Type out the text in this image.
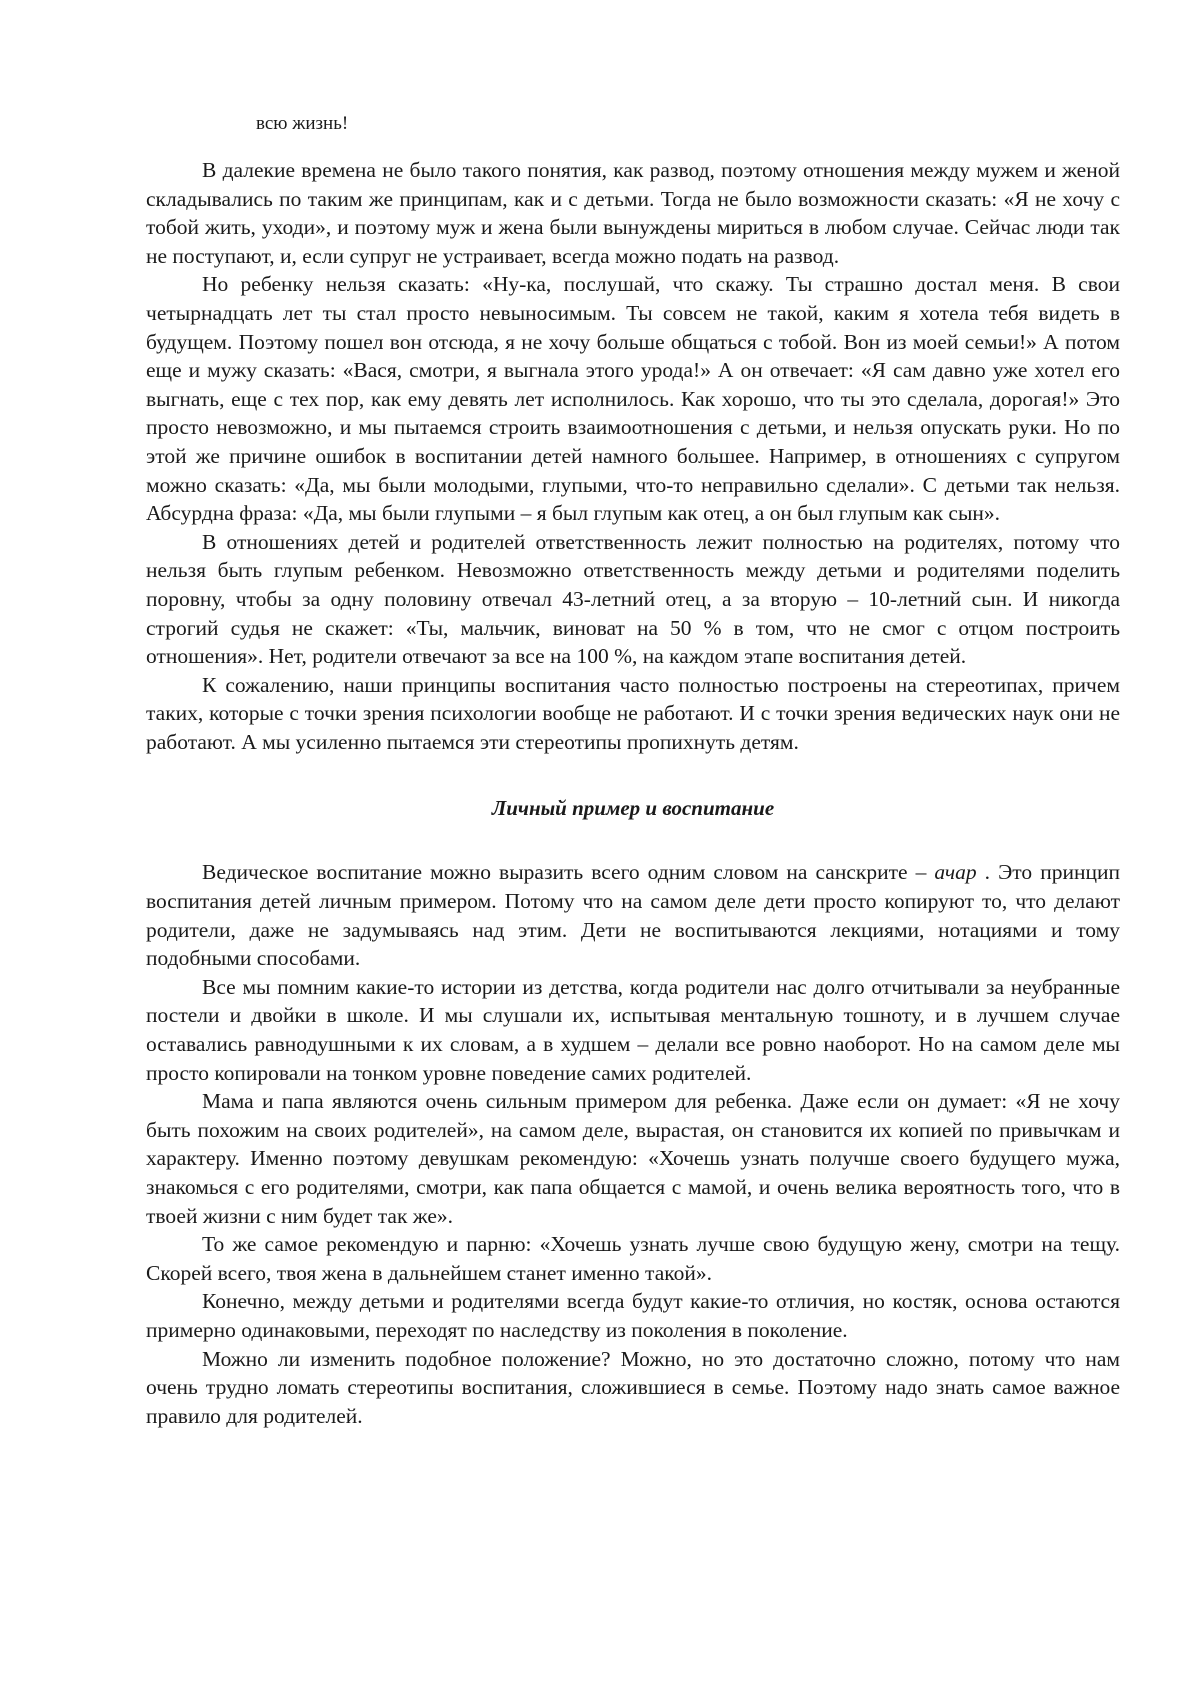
всю жизнь!

В далекие времена не было такого понятия, как развод, поэтому отношения между мужем и женой складывались по таким же принципам, как и с детьми. Тогда не было возможности сказать: «Я не хочу с тобой жить, уходи», и поэтому муж и жена были вынуждены мириться в любом случае. Сейчас люди так не поступают, и, если супруг не устраивает, всегда можно подать на развод.

Но ребенку нельзя сказать: «Ну-ка, послушай, что скажу. Ты страшно достал меня. В свои четырнадцать лет ты стал просто невыносимым. Ты совсем не такой, каким я хотела тебя видеть в будущем. Поэтому пошел вон отсюда, я не хочу больше общаться с тобой. Вон из моей семьи!» А потом еще и мужу сказать: «Вася, смотри, я выгнала этого урода!» А он отвечает: «Я сам давно уже хотел его выгнать, еще с тех пор, как ему девять лет исполнилось. Как хорошо, что ты это сделала, дорогая!» Это просто невозможно, и мы пытаемся строить взаимоотношения с детьми, и нельзя опускать руки. Но по этой же причине ошибок в воспитании детей намного большее. Например, в отношениях с супругом можно сказать: «Да, мы были молодыми, глупыми, что-то неправильно сделали». С детьми так нельзя. Абсурдна фраза: «Да, мы были глупыми – я был глупым как отец, а он был глупым как сын».

В отношениях детей и родителей ответственность лежит полностью на родителях, потому что нельзя быть глупым ребенком. Невозможно ответственность между детьми и родителями поделить поровну, чтобы за одну половину отвечал 43-летний отец, а за вторую – 10-летний сын. И никогда строгий судья не скажет: «Ты, мальчик, виноват на 50 % в том, что не смог с отцом построить отношения». Нет, родители отвечают за все на 100 %, на каждом этапе воспитания детей.

К сожалению, наши принципы воспитания часто полностью построены на стереотипах, причем таких, которые с точки зрения психологии вообще не работают. И с точки зрения ведических наук они не работают. А мы усиленно пытаемся эти стереотипы пропихнуть детям.

Личный пример и воспитание

Ведическое воспитание можно выразить всего одним словом на санскрите – ачар . Это принцип воспитания детей личным примером. Потому что на самом деле дети просто копируют то, что делают родители, даже не задумываясь над этим. Дети не воспитываются лекциями, нотациями и тому подобными способами.

Все мы помним какие-то истории из детства, когда родители нас долго отчитывали за неубранные постели и двойки в школе. И мы слушали их, испытывая ментальную тошноту, и в лучшем случае оставались равнодушными к их словам, а в худшем – делали все ровно наоборот. Но на самом деле мы просто копировали на тонком уровне поведение самих родителей.

Мама и папа являются очень сильным примером для ребенка. Даже если он думает: «Я не хочу быть похожим на своих родителей», на самом деле, вырастая, он становится их копией по привычкам и характеру. Именно поэтому девушкам рекомендую: «Хочешь узнать получше своего будущего мужа, знакомься с его родителями, смотри, как папа общается с мамой, и очень велика вероятность того, что в твоей жизни с ним будет так же».

То же самое рекомендую и парню: «Хочешь узнать лучше свою будущую жену, смотри на тещу. Скорей всего, твоя жена в дальнейшем станет именно такой».

Конечно, между детьми и родителями всегда будут какие-то отличия, но костяк, основа остаются примерно одинаковыми, переходят по наследству из поколения в поколение.

Можно ли изменить подобное положение? Можно, но это достаточно сложно, потому что нам очень трудно ломать стереотипы воспитания, сложившиеся в семье. Поэтому надо знать самое важное правило для родителей.
